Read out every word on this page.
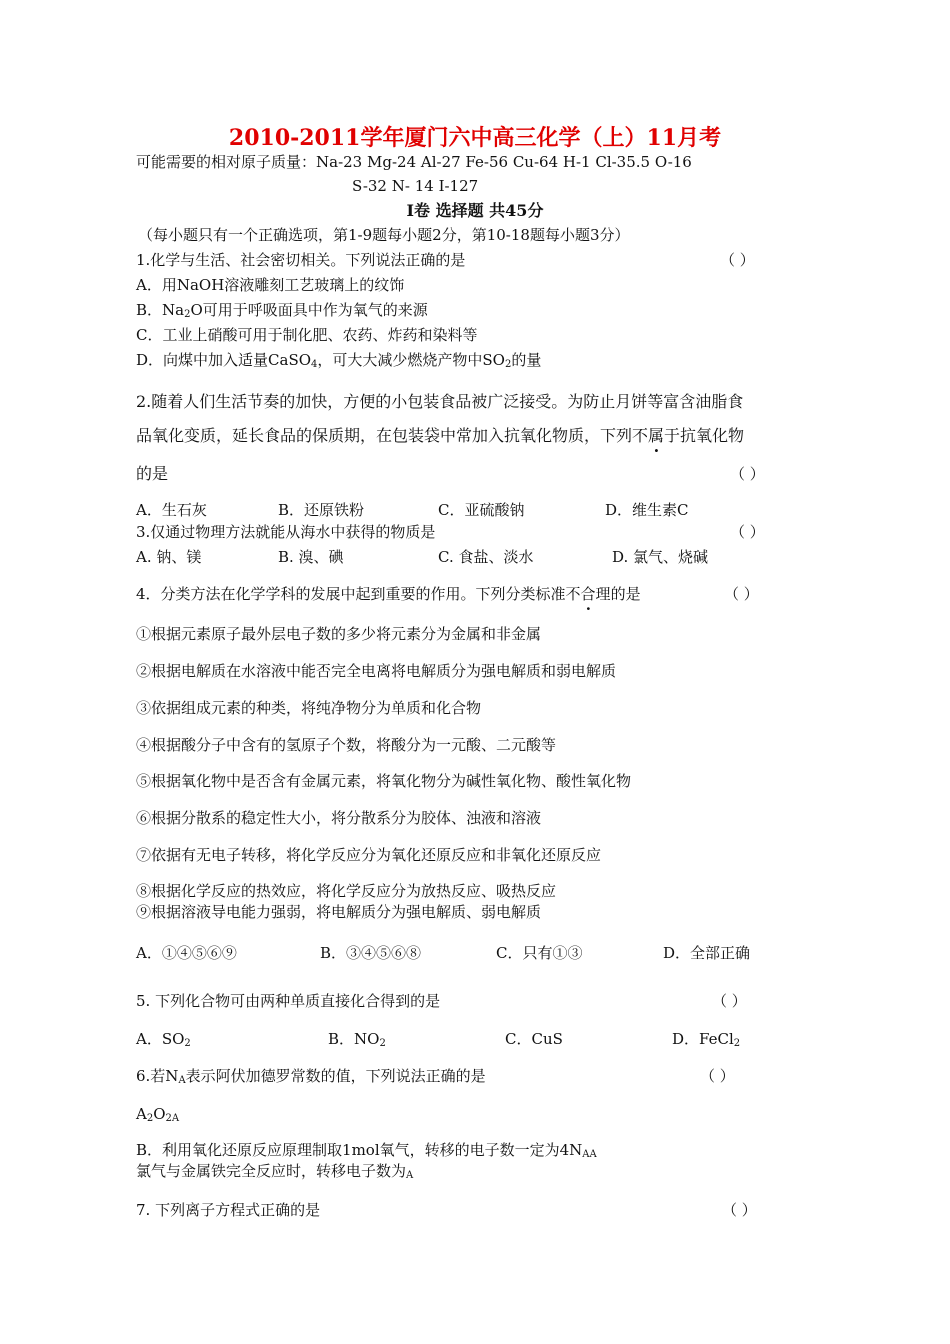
2010-2011学年厦门六中高三化学（上）11月考
可能需要的相对原子质量：Na-23 Mg-24 Al-27 Fe-56 Cu-64 H-1 Cl-35.5 O-16
S-32 N- 14 I-127
I卷 选择题 共45分
（每小题只有一个正确选项，第1-9题每小题2分，第10-18题每小题3分）
1.化学与生活、社会密切相关。下列说法正确的是	（ ）
A．用NaOH溶液雕刻工艺玻璃上的纹饰
B．$Na_2O$可用于呼吸面具中作为氧气的来源
C．工业上硝酸可用于制化肥、农药、炸药和染料等
D．向煤中加入适量CaSO$_4$，可大大减少燃烧产物中$SO_2$的量
2.随着人们生活节奏的加快，方便的小包装食品被广泛接受。为防止月饼等富含油脂食
品氧化变质，延长食品的保质期，在包装袋中常加入抗氧化物质，下列不属于抗氧化物
的是	（ ）
A．生石灰	B．还原铁粉	C．亚硫酸钠	D．维生素C
3.仅通过物理方法就能从海水中获得的物质是	（ ）
A. 钠、镁	B. 溴、碘	C. 食盐、淡水	D. 氯气、烧碱
4．分类方法在化学学科的发展中起到重要的作用。下列分类标准不合理的是	（ ）
①根据元素原子最外层电子数的多少将元素分为金属和非金属
②根据电解质在水溶液中能否完全电离将电解质分为强电解质和弱电解质
③依据组成元素的种类，将纯净物分为单质和化合物
④根据酸分子中含有的氢原子个数，将酸分为一元酸、二元酸等
⑤根据氧化物中是否含有金属元素，将氧化物分为碱性氧化物、酸性氧化物
⑥根据分散系的稳定性大小，将分散系分为胶体、浊液和溶液
⑦依据有无电子转移，将化学反应分为氧化还原反应和非氧化还原反应
⑧根据化学反应的热效应，将化学反应分为放热反应、吸热反应
⑨根据溶液导电能力强弱，将电解质分为强电解质、弱电解质
A．①④⑤⑥⑨	B．③④⑤⑥⑧	C．只有①③	D．全部正确
5. 下列化合物可由两种单质直接化合得到的是	（ ）
A．$SO_2$	B．$NO_2$	C．CuS	D．FeCl$_2$
6.若$N_A$表示阿伏加德罗常数的值，下列说法正确的是	（ ）
$A_2O_{2A}$
B．利用氧化还原反应原理制取1mol氧气，转移的电子数一定为$4N_{AA}$
氯气与金属铁完全反应时，转移电子数为$_A$
7. 下列离子方程式正确的是	（ ）
